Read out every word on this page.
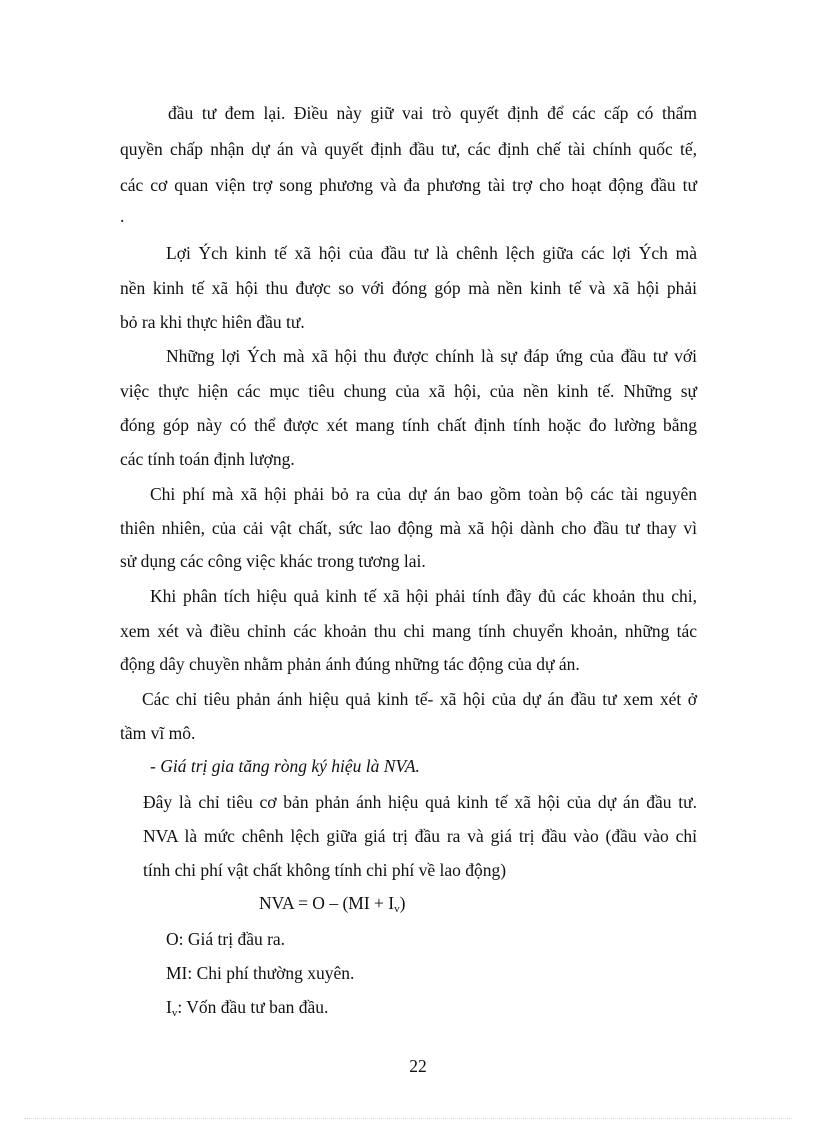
đầu tư đem lại. Điều này giữ vai trò quyết định để các cấp có thẩm
quyền chấp nhận dự án và quyết định đầu tư, các định chế tài chính quốc tế,
các cơ quan viện trợ song phương và đa phương tài trợ cho hoạt động đầu tư
.
Lợi Ých kinh tế xã hội của đầu tư là chênh lệch giữa các lợi Ých mà
nền kinh tế xã hội thu được so với đóng góp mà nền kinh tế và xã hội phải
bỏ ra khi thực hiên đầu tư.
Những lợi Ých mà xã hội thu được chính là sự đáp ứng của đầu tư với
việc thực hiện các mục tiêu chung của xã hội, của nền kinh tế. Những sự
đóng góp này có thể được xét mang tính chất định tính hoặc đo lường bằng
các tính toán định lượng.
Chi phí mà xã hội phải bỏ ra của dự án bao gồm toàn bộ các tài nguyên
thiên nhiên, của cải vật chất, sức lao động mà xã hội dành cho đầu tư thay vì
sử dụng các công việc khác trong tương lai.
Khi phân tích hiệu quả kinh tế xã hội phải tính đầy đủ các khoản thu chi,
xem xét và điều chỉnh các khoản thu chi mang tính chuyển khoản, những tác
động dây chuyền nhằm phản ánh đúng những tác động của dự án.
Các chỉ tiêu phản ánh hiệu quả kinh tế- xã hội của dự án đầu tư xem xét ở
tầm vĩ mô.
- Giá trị gia tăng ròng ký hiệu là NVA.
Đây là chỉ tiêu cơ bản phản ánh hiệu quả kinh tế xã hội của dự án đầu tư.
NVA là mức chênh lệch giữa giá trị đầu ra và giá trị đầu vào (đầu vào chỉ
tính chi phí vật chất không tính chi phí về lao động)
NVA = $O - (MI + I_v)$
O: Giá trị đầu ra.
MI: Chi phí thường xuyên.
$I_v$: Vốn đầu tư ban đầu.
22
